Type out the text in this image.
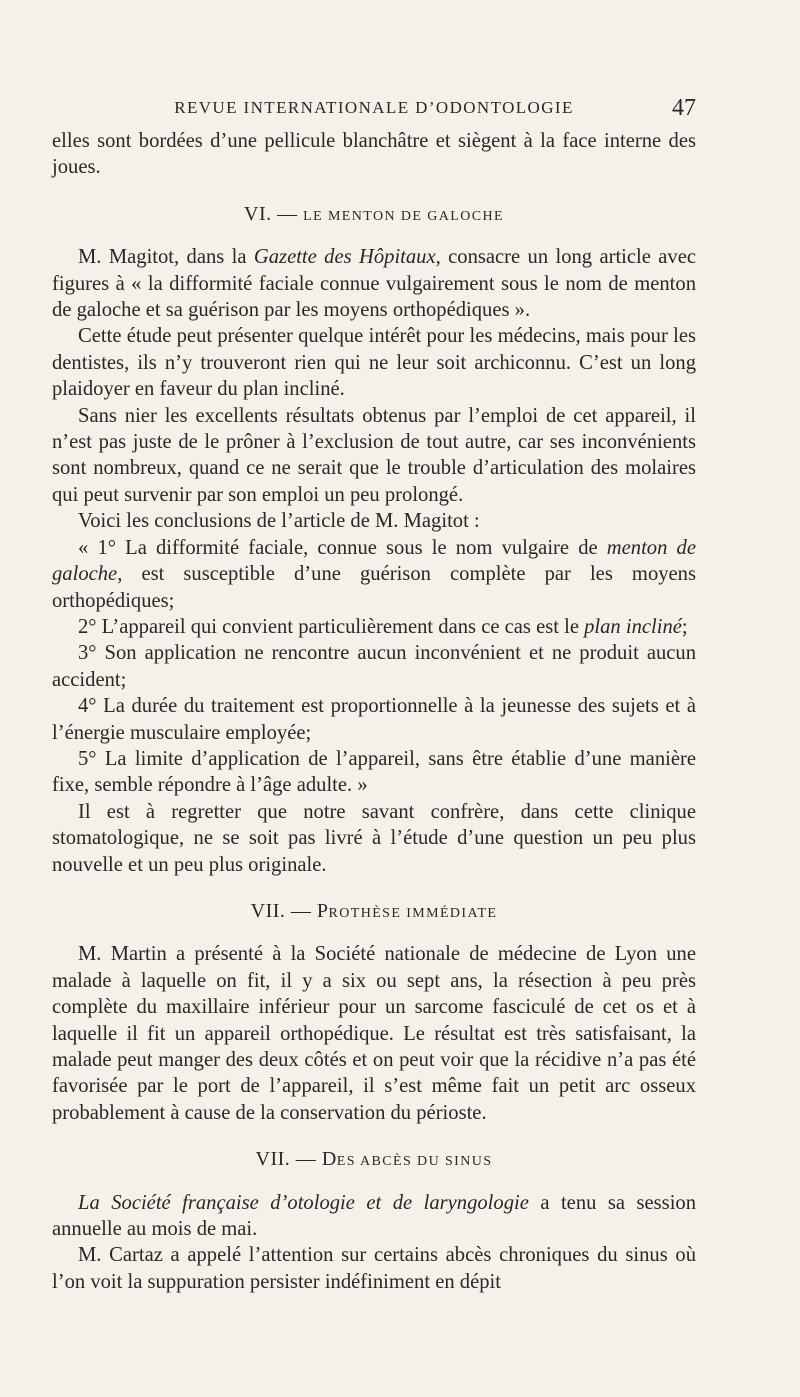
REVUE INTERNATIONALE D’ODONTOLOGIE	47

elles sont bordées d’une pellicule blanchâtre et siègent à la face interne des joues.

VI. — LE MENTON DE GALOCHE

M. Magitot, dans la Gazette des Hôpitaux, consacre un long article avec figures à « la difformité faciale connue vulgairement sous le nom de menton de galoche et sa guérison par les moyens orthopédiques ».

Cette étude peut présenter quelque intérêt pour les médecins, mais pour les dentistes, ils n’y trouveront rien qui ne leur soit archiconnu. C’est un long plaidoyer en faveur du plan incliné.

Sans nier les excellents résultats obtenus par l’emploi de cet appareil, il n’est pas juste de le prôner à l’exclusion de tout autre, car ses inconvénients sont nombreux, quand ce ne serait que le trouble d’articulation des molaires qui peut survenir par son emploi un peu prolongé.

Voici les conclusions de l’article de M. Magitot :

« 1° La difformité faciale, connue sous le nom vulgaire de menton de galoche, est susceptible d’une guérison complète par les moyens orthopédiques;

2° L’appareil qui convient particulièrement dans ce cas est le plan incliné;

3° Son application ne rencontre aucun inconvénient et ne produit aucun accident;

4° La durée du traitement est proportionnelle à la jeunesse des sujets et à l’énergie musculaire employée;

5° La limite d’application de l’appareil, sans être établie d’une manière fixe, semble répondre à l’âge adulte. »

Il est à regretter que notre savant confrère, dans cette clinique stomatologique, ne se soit pas livré à l’étude d’une question un peu plus nouvelle et un peu plus originale.

VII. — PROTHÈSE IMMÉDIATE

M. Martin a présenté à la Société nationale de médecine de Lyon une malade à laquelle on fit, il y a six ou sept ans, la résection à peu près complète du maxillaire inférieur pour un sarcome fasciculé de cet os et à laquelle il fit un appareil orthopédique. Le résultat est très satisfaisant, la malade peut manger des deux côtés et on peut voir que la récidive n’a pas été favorisée par le port de l’appareil, il s’est même fait un petit arc osseux probablement à cause de la conservation du périoste.

VII. — DES ABCÈS DU SINUS

La Société française d’otologie et de laryngologie a tenu sa session annuelle au mois de mai.

M. Cartaz a appelé l’attention sur certains abcès chroniques du sinus où l’on voit la suppuration persister indéfiniment en dépit
